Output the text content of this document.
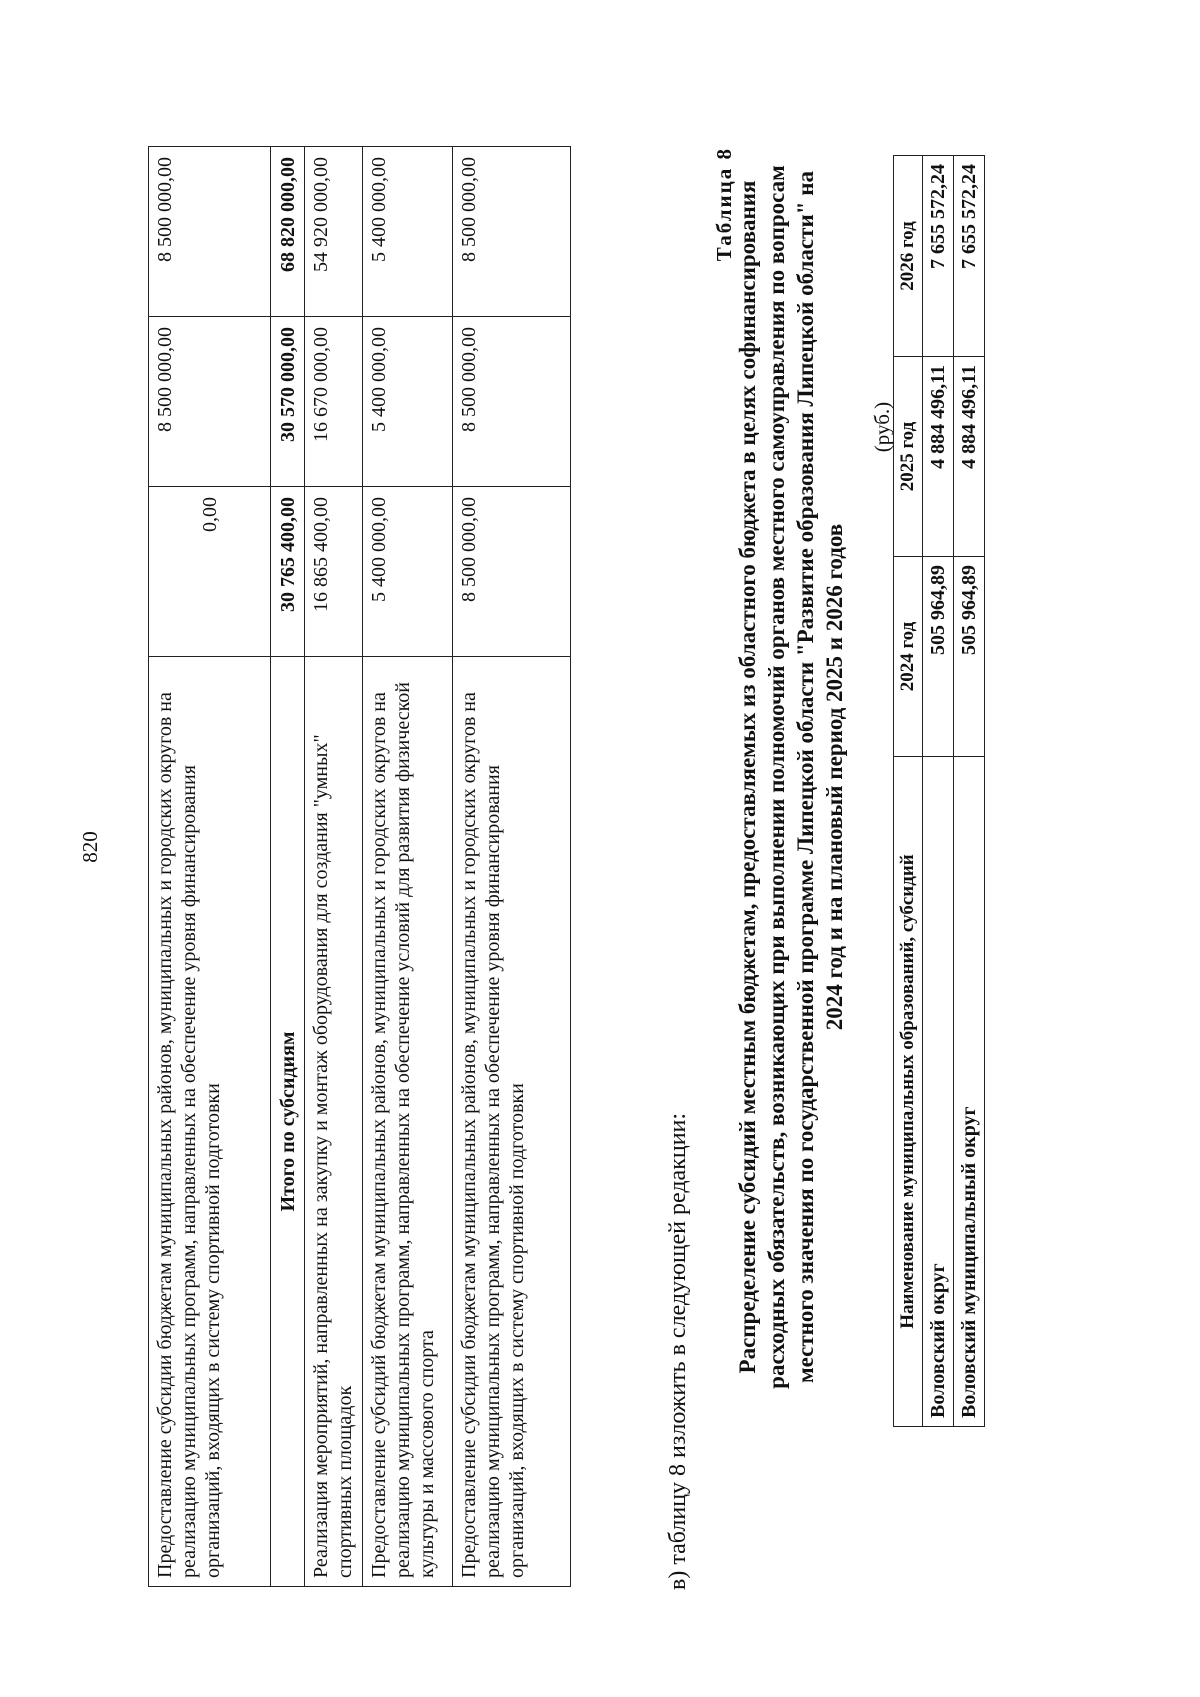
820	Предоставление субсидии бюджетам муниципальных районов, муниципальных и городских округов на реализацию муниципальных программ, направленных на обеспечение уровня финансирования организаций, входящих в систему спортивной подготовки	0,00	8 500 000,00	8 500 000,00
Итого по субсидиям	30 765 400,00	30 570 000,00	68 820 000,00
Реализация мероприятий, направленных на закупку и монтаж оборудования для создания "умных" спортивных площадок	16 865 400,00	16 670 000,00	54 920 000,00
Предоставление субсидий бюджетам муниципальных районов, муниципальных и городских округов на реализацию муниципальных программ, направленных на обеспечение условий для развития физической культуры и массового спорта	5 400 000,00	5 400 000,00	5 400 000,00
Предоставление субсидии бюджетам муниципальных районов, муниципальных и городских округов на реализацию муниципальных программ, направленных на обеспечение уровня финансирования организаций, входящих в систему спортивной подготовки	8 500 000,00	8 500 000,00	8 500 000,00
в) таблицу 8 изложить в следующей редакции:
Таблица 8 Распределение субсидий местным бюджетам, предоставляемых из областного бюджета в целях софинансирования расходных обязательств, возникающих при выполнении полномочий органов местного самоуправления по вопросам местного значения по государственной программе Липецкой области "Развитие образования Липецкой области" на 2024 год и на плановый период 2025 и 2026 годов
(руб.)
Наименование муниципальных образований, субсидий	2024 год	2025 год	2026 год
Воловский округ	505 964,89	4 884 496,11	7 655 572,24
Воловский муниципальный округ	505 964,89	4 884 496,11	7 655 572,24
